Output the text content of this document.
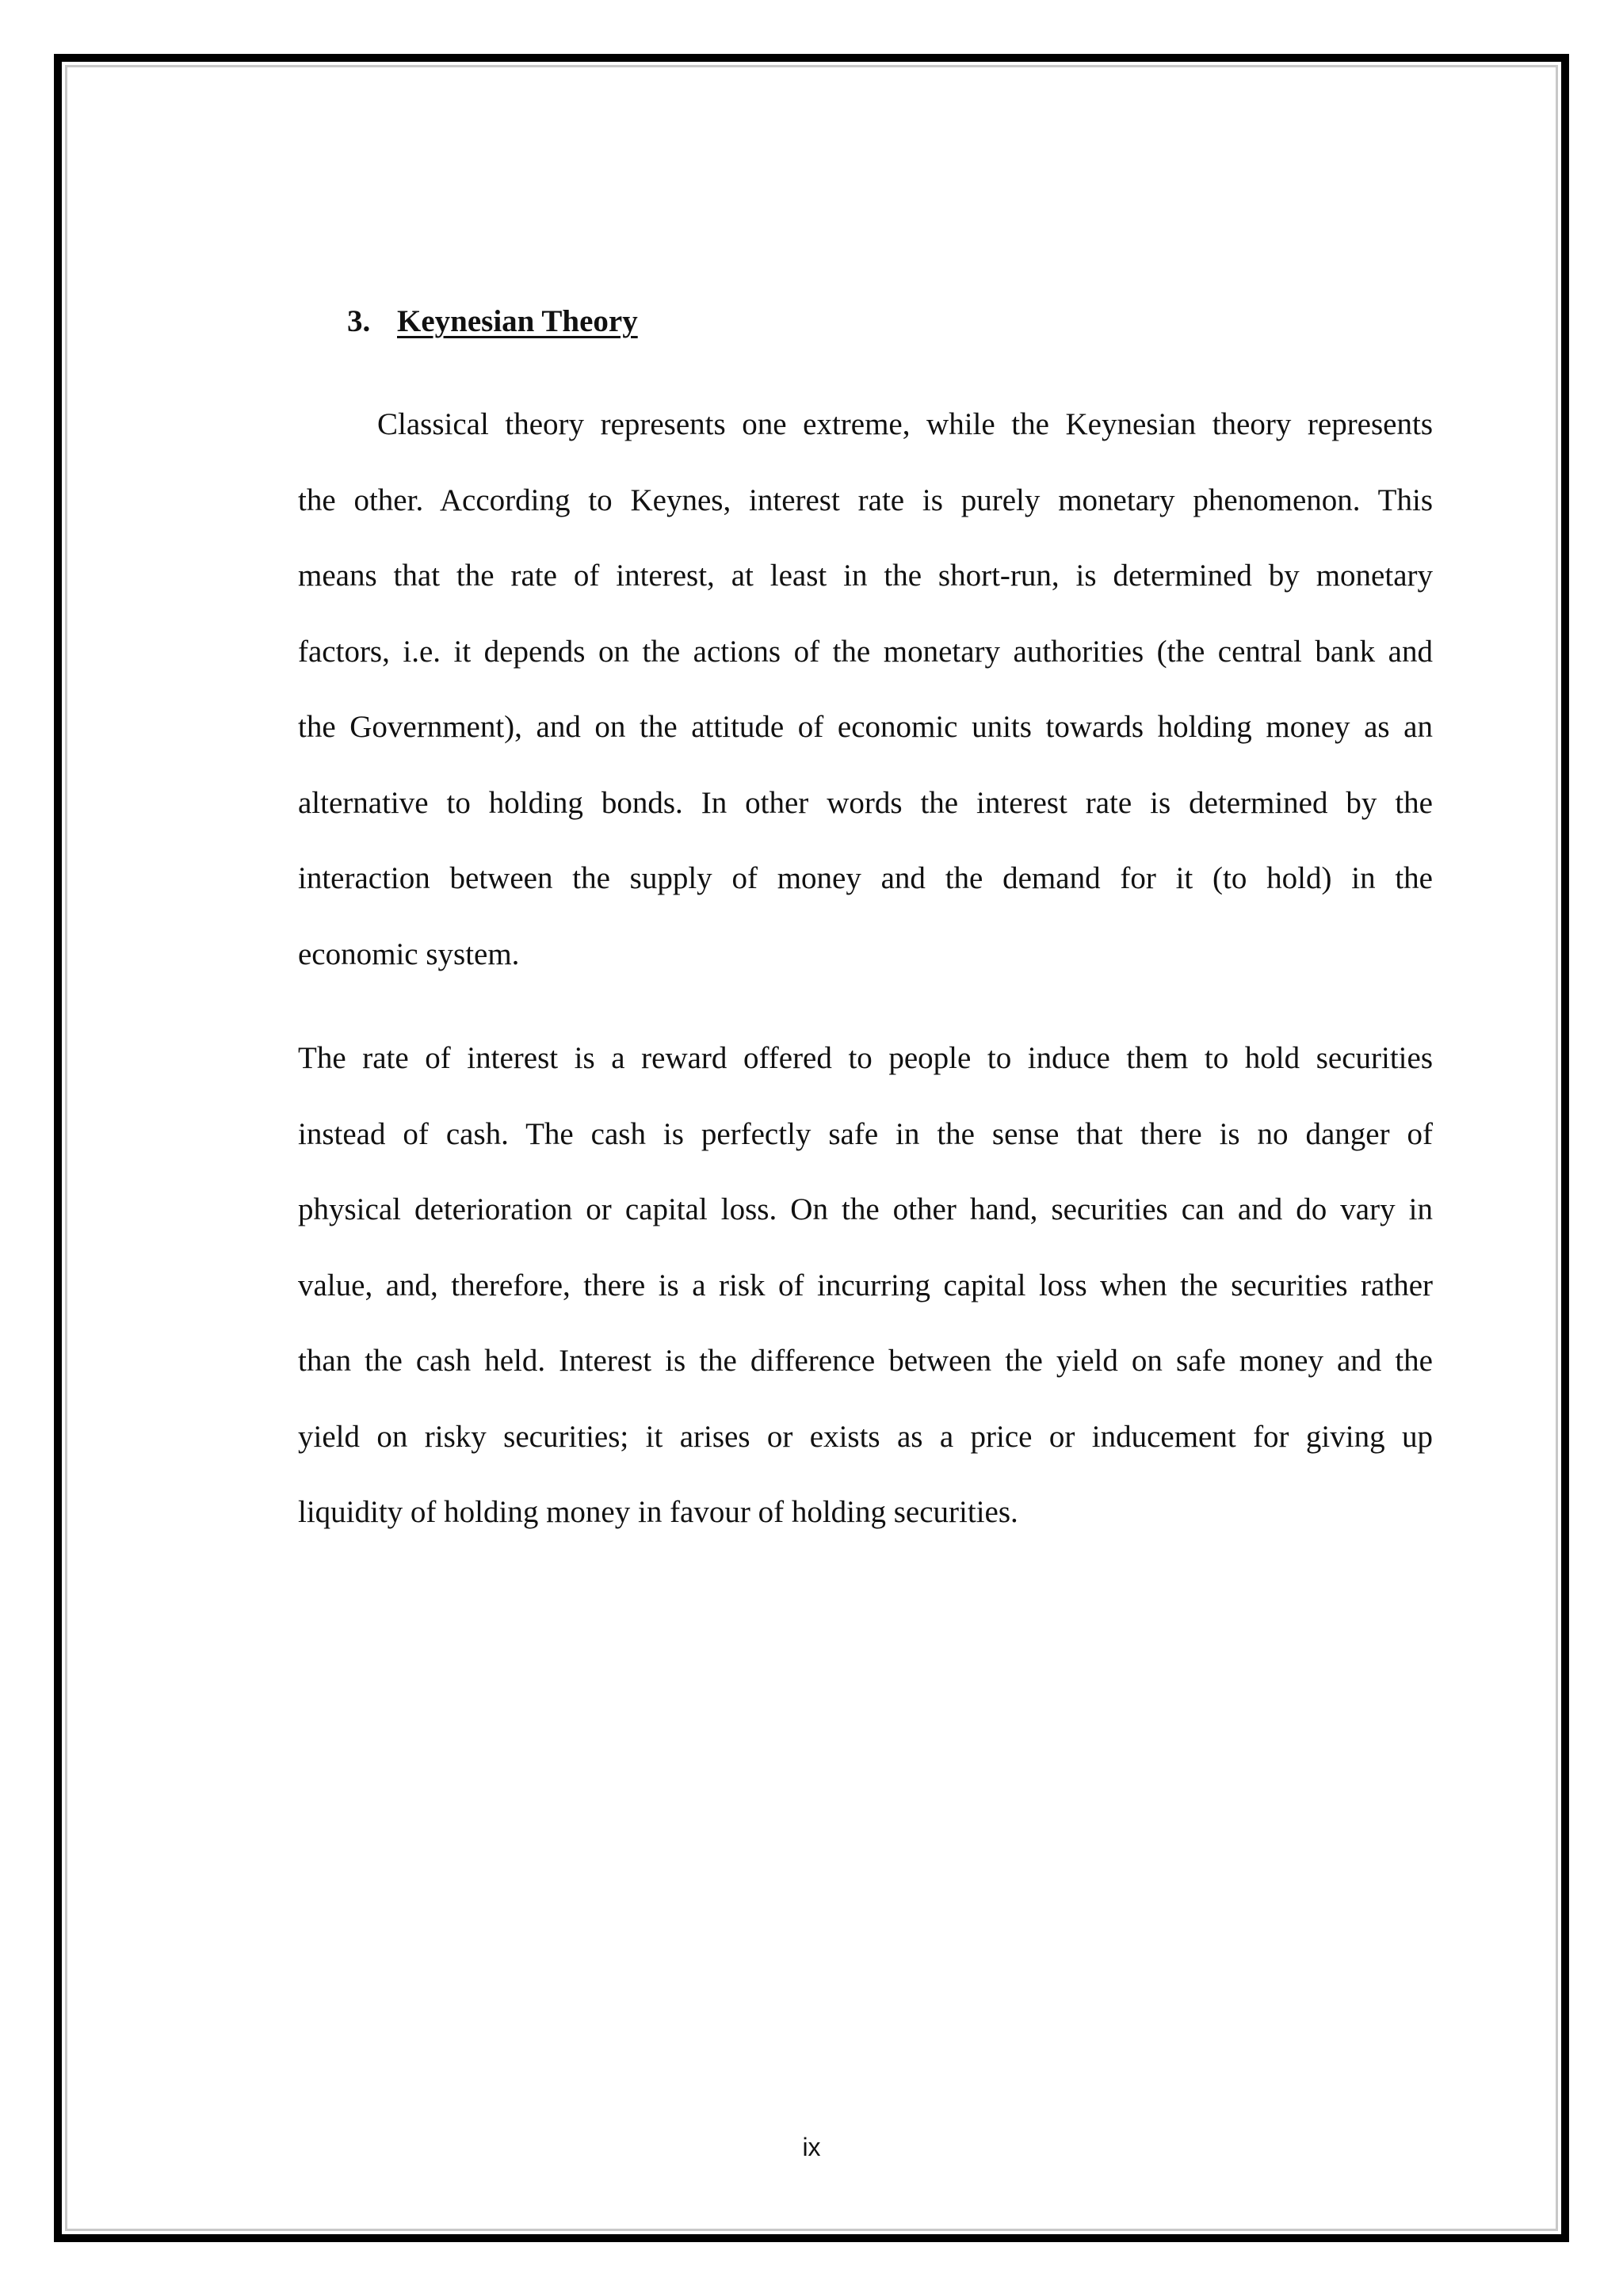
3. Keynesian Theory
Classical theory represents one extreme, while the Keynesian theory represents
the other. According to Keynes, interest rate is purely monetary phenomenon. This
means that the rate of interest, at least in the short-run, is determined by monetary
factors, i.e. it depends on the actions of the monetary authorities (the central bank and
the Government), and on the attitude of economic units towards holding money as an
alternative to holding bonds. In other words the interest rate is determined by the
interaction between the supply of money and the demand for it (to hold) in the
economic system.
The rate of interest is a reward offered to people to induce them to hold securities
instead of cash. The cash is perfectly safe in the sense that there is no danger of
physical deterioration or capital loss. On the other hand, securities can and do vary in
value, and, therefore, there is a risk of incurring capital loss when the securities rather
than the cash held. Interest is the difference between the yield on safe money and the
yield on risky securities; it arises or exists as a price or inducement for giving up
liquidity of holding money in favour of holding securities.
ix
